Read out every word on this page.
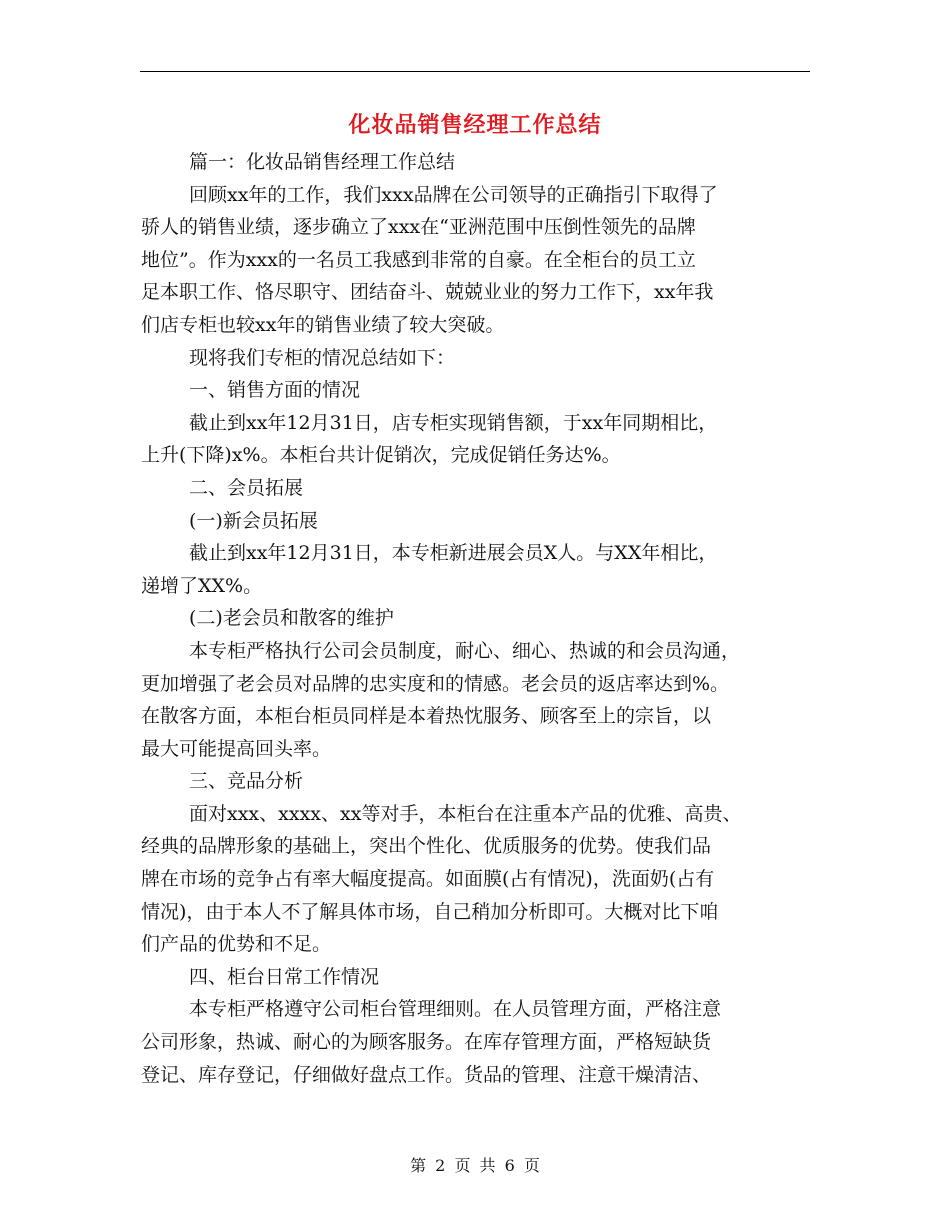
化妆品销售经理工作总结
篇一：化妆品销售经理工作总结
回顾xx年的工作，我们xxx品牌在公司领导的正确指引下取得了
骄人的销售业绩，逐步确立了xxx在“亚洲范围中压倒性领先的品牌
地位”。作为xxx的一名员工我感到非常的自豪。在全柜台的员工立
足本职工作、恪尽职守、团结奋斗、兢兢业业的努力工作下，xx年我
们店专柜也较xx年的销售业绩了较大突破。
现将我们专柜的情况总结如下：
一、销售方面的情况
截止到xx年12月31日，店专柜实现销售额，于xx年同期相比，
上升(下降)x%。本柜台共计促销次，完成促销任务达%。
二、会员拓展
(一)新会员拓展
截止到xx年12月31日，本专柜新进展会员X人。与XX年相比，
递增了XX%。
(二)老会员和散客的维护
本专柜严格执行公司会员制度，耐心、细心、热诚的和会员沟通，
更加增强了老会员对品牌的忠实度和的情感。老会员的返店率达到%。
在散客方面，本柜台柜员同样是本着热忱服务、顾客至上的宗旨，以
最大可能提高回头率。
三、竞品分析
面对xxx、xxxx、xx等对手，本柜台在注重本产品的优雅、高贵、
经典的品牌形象的基础上，突出个性化、优质服务的优势。使我们品
牌在市场的竞争占有率大幅度提高。如面膜(占有情况)，洗面奶(占有
情况)，由于本人不了解具体市场，自己稍加分析即可。大概对比下咱
们产品的优势和不足。
四、柜台日常工作情况
本专柜严格遵守公司柜台管理细则。在人员管理方面，严格注意
公司形象，热诚、耐心的为顾客服务。在库存管理方面，严格短缺货
登记、库存登记，仔细做好盘点工作。货品的管理、注意干燥清洁、
第 2 页 共 6 页
